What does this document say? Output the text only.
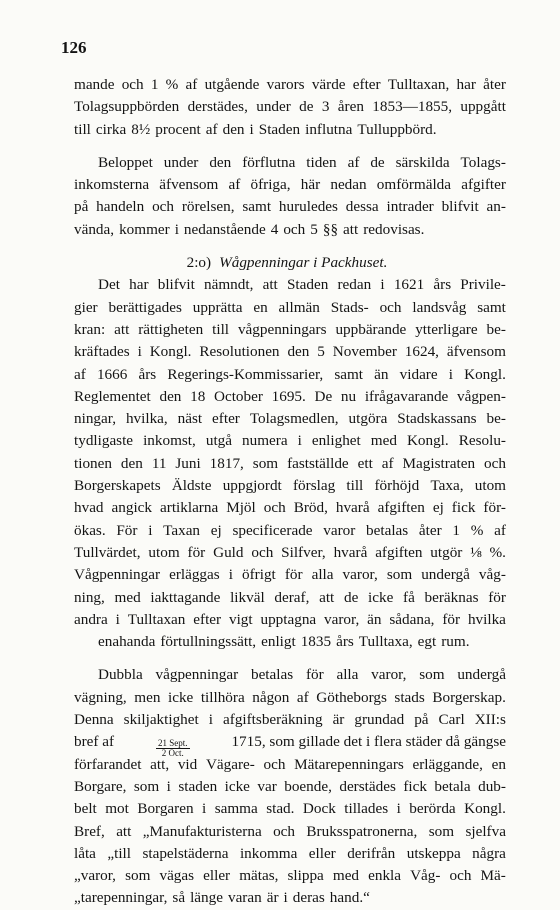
126
mande och 1 % af utgående varors värde efter Tulltaxan, har åter
Tolagsuppbörden derstädes, under de 3 åren 1853—1855, uppgått
till cirka 8½ procent af den i Staden influtna Tulluppbörd.
Beloppet under den förflutna tiden af de särskilda Tolags-
inkomsterna äfvensom af öfriga, här nedan omförmälda afgifter
på handeln och rörelsen, samt huruledes dessa intrader blifvit an-
vända, kommer i nedanstående 4 och 5 §§ att redovisas.
2:o) Wågpenningar i Packhuset.
Det har blifvit nämndt, att Staden redan i 1621 års Privile-
gier berättigades upprätta en allmän Stads- och landsvåg samt
kran: att rättigheten till vågpenningars uppbärande ytterligare be-
kräftades i Kongl. Resolutionen den 5 November 1624, äfvensom
af 1666 års Regerings-Kommissarier, samt än vidare i Kongl.
Reglementet den 18 October 1695. De nu ifrågavarande vågpen-
ningar, hvilka, näst efter Tolagsmedlen, utgöra Stadskassans be-
tydligaste inkomst, utgå numera i enlighet med Kongl. Resolu-
tionen den 11 Juni 1817, som fastställde ett af Magistraten och
Borgerskapets Äldste uppgjordt förslag till förhöjd Taxa, utom
hvad angick artiklarna Mjöl och Bröd, hvarå afgiften ej fick för-
ökas. För i Taxan ej specificerade varor betalas åter 1 % af
Tullvärdet, utom för Guld och Silfver, hvarå afgiften utgör ⅛ %.
Vågpenningar erläggas i öfrigt för alla varor, som undergå våg-
ning, med iakttagande likväl deraf, att de icke få beräknas för
andra i Tulltaxan efter vigt upptagna varor, än sådana, för hvilka
enahanda förtullningssätt, enligt 1835 års Tulltaxa, egt rum.
Dubbla vågpenningar betalas för alla varor, som undergå
vägning, men icke tillhöra någon af Götheborgs stads Borgerskap.
Denna skiljaktighet i afgiftsberäkning är grundad på Carl XII:s
bref af	$\frac{\text{21 Sept.}}{\text{2 Oct.}}$	1715, som gillade det i flera städer då gängse
förfarandet att, vid Vägare- och Mätarepenningars erläggande, en
Borgare, som i staden icke var boende, derstädes fick betala dub-
belt mot Borgaren i samma stad. Dock tillades i berörda Kongl.
Bref, att „Manufakturisterna och Bruksspatronerna, som sjelfva
låta „till stapelstäderna inkomma eller derifrån utskeppa några
„varor, som vägas eller mätas, slippa med enkla Våg- och Mä-
„tarepenningar, så länge varan är i deras hand.“
